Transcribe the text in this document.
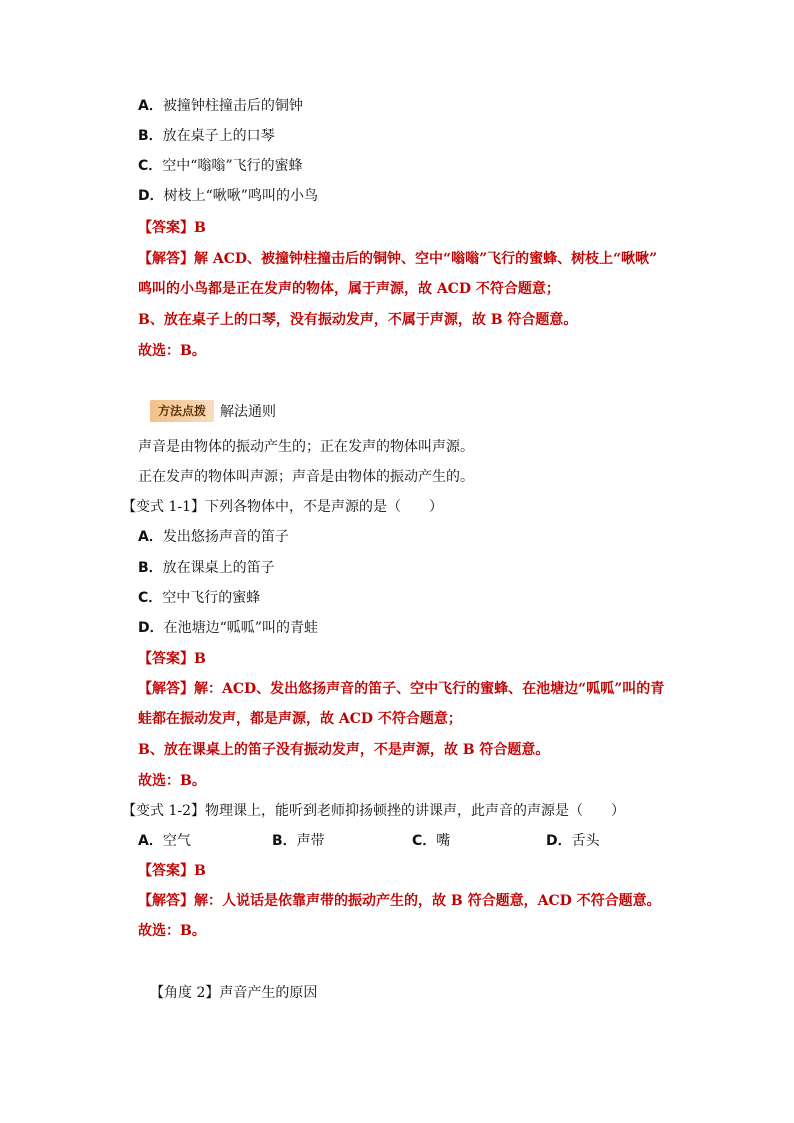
A．被撞钟柱撞击后的铜钟
B．放在桌子上的口琴
C．空中“嗡嗡”飞行的蜜蜂
D．树枝上“啾啾”鸣叫的小鸟
【答案】B
【解答】解 ACD、被撞钟柱撞击后的铜钟、空中“嗡嗡”飞行的蜜蜂、树枝上“啾啾”
鸣叫的小鸟都是正在发声的物体，属于声源，故 ACD 不符合题意；
B、放在桌子上的口琴，没有振动发声，不属于声源，故 B 符合题意。
故选：B。
方法点拨	解法通则
声音是由物体的振动产生的；正在发声的物体叫声源。
正在发声的物体叫声源；声音是由物体的振动产生的。
【变式 1-1】下列各物体中，不是声源的是（　　）
A．发出悠扬声音的笛子
B．放在课桌上的笛子
C．空中飞行的蜜蜂
D．在池塘边“呱呱”叫的青蛙
【答案】B
【解答】解：ACD、发出悠扬声音的笛子、空中飞行的蜜蜂、在池塘边“呱呱”叫的青
蛙都在振动发声，都是声源，故 ACD 不符合题意；
B、放在课桌上的笛子没有振动发声，不是声源，故 B 符合题意。
故选：B。
【变式 1-2】物理课上，能听到老师抑扬顿挫的讲课声，此声音的声源是（　　）
A．空气	B．声带	C．嘴	D．舌头
【答案】B
【解答】解：人说话是依靠声带的振动产生的，故 B 符合题意，ACD 不符合题意。
故选：B。
【角度 2】声音产生的原因
